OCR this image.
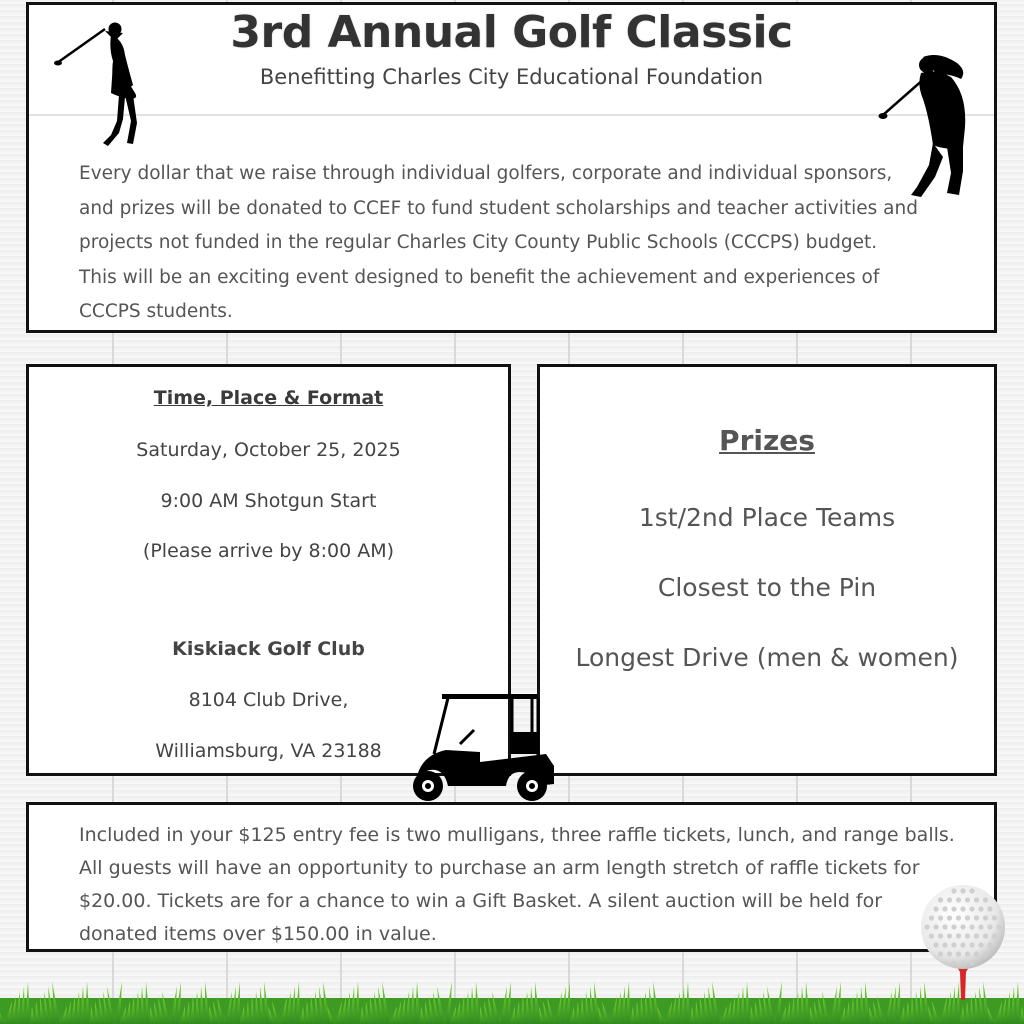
3rd Annual Golf Classic
Benefitting Charles City Educational Foundation
Every dollar that we raise through individual golfers, corporate and individual sponsors, and prizes will be donated to CCEF to fund student scholarships and teacher activities and projects not funded in the regular Charles City County Public Schools (CCCPS) budget. This will be an exciting event designed to benefit the achievement and experiences of CCCPS students.
Time, Place & Format
Saturday, October 25, 2025
9:00 AM Shotgun Start
(Please arrive by 8:00 AM)
Kiskiack Golf Club
8104 Club Drive,
Williamsburg, VA 23188
Prizes
1st/2nd Place Teams
Closest to the Pin
Longest Drive (men & women)
Included in your $125 entry fee is two mulligans, three raffle tickets, lunch, and range balls. All guests will have an opportunity to purchase an arm length stretch of raffle tickets for $20.00. Tickets are for a chance to win a Gift Basket. A silent auction will be held for donated items over $150.00 in value.
